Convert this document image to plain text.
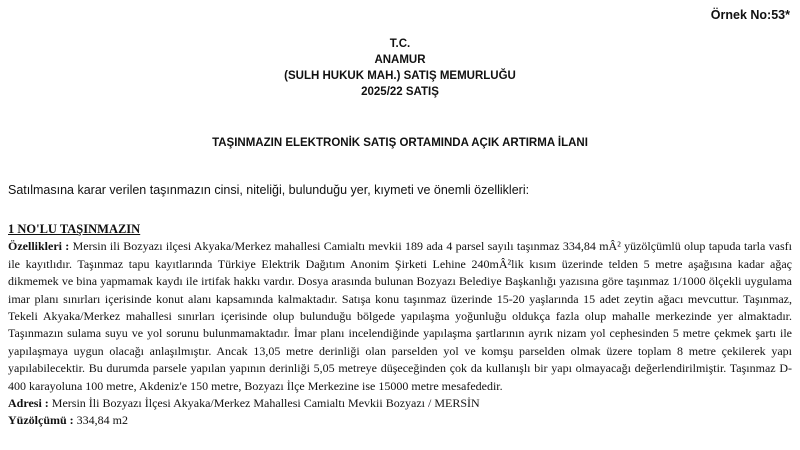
Örnek No:53*
T.C.
ANAMUR
(SULH HUKUK MAH.) SATIŞ MEMURLUĞU
2025/22 SATIŞ
TAŞINMAZIN ELEKTRONİK SATIŞ ORTAMINDA AÇIK ARTIRMA İLANI
Satılmasına karar verilen taşınmazın cinsi, niteliği, bulunduğu yer, kıymeti ve önemli özellikleri:
1 NO'LU TAŞINMAZIN
Özellikleri : Mersin ili Bozyazı ilçesi Akyaka/Merkez mahallesi Camialtı mevkii 189 ada 4 parsel sayılı taşınmaz 334,84 mÂ² yüzölçümlü olup tapuda tarla vasfı ile kayıtlıdır. Taşınmaz tapu kayıtlarında Türkiye Elektrik Dağıtım Anonim Şirketi Lehine 240mÂ²lik kısım üzerinde telden 5 metre aşağısına kadar ağaç dikmemek ve bina yapmamak kaydı ile irtifak hakkı vardır. Dosya arasında bulunan Bozyazı Belediye Başkanlığı yazısına göre taşınmaz 1/1000 ölçekli uygulama imar planı sınırları içerisinde konut alanı kapsamında kalmaktadır. Satışa konu taşınmaz üzerinde 15-20 yaşlarında 15 adet zeytin ağacı mevcuttur. Taşınmaz, Tekeli Akyaka/Merkez mahallesi sınırları içerisinde olup bulunduğu bölgede yapılaşma yoğunluğu oldukça fazla olup mahalle merkezinde yer almaktadır. Taşınmazın sulama suyu ve yol sorunu bulunmamaktadır. İmar planı incelendiğinde yapılaşma şartlarının ayrık nizam yol cephesinden 5 metre çekmek şartı ile yapılaşmaya uygun olacağı anlaşılmıştır. Ancak 13,05 metre derinliği olan parselden yol ve komşu parselden olmak üzere toplam 8 metre çekilerek yapı yapılabilecektir. Bu durumda parsele yapılan yapının derinliği 5,05 metreye düşeceğinden çok da kullanışlı bir yapı olmayacağı değerlendirilmiştir. Taşınmaz D-400 karayoluna 100 metre, Akdeniz'e 150 metre, Bozyazı İlçe Merkezine ise 15000 metre mesafededir.
Adresi : Mersin İli Bozyazı İlçesi Akyaka/Merkez Mahallesi Camialtı Mevkii Bozyazı / MERSİN
Yüzölçümü : 334,84 m2
